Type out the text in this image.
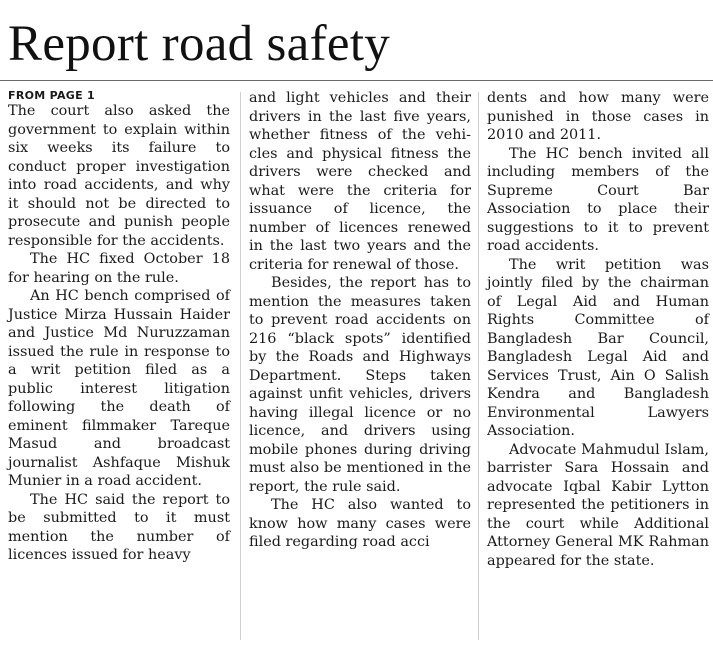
Report road safety
FROM PAGE 1

The court also asked the government to explain within six weeks its failure to conduct proper investigation into road accidents, and why it should not be directed to prosecute and punish people responsible for the accidents.

The HC fixed October 18 for hearing on the rule.

An HC bench comprised of Justice Mirza Hussain Haider and Justice Md Nuruzzaman issued the rule in response to a writ petition filed as a public interest litigation following the death of eminent filmmaker Tareque Masud and broadcast journalist Ashfaque Mishuk Munier in a road accident.

The HC said the report to be submitted to it must mention the number of licences issued for heavy

and light vehicles and their drivers in the last five years, whether fitness of the vehicles and physical fitness the drivers were checked and what were the criteria for issuance of licence, the number of licences renewed in the last two years and the criteria for renewal of those.

Besides, the report has to mention the measures taken to prevent road accidents on 216 “black spots” identified by the Roads and Highways Department. Steps taken against unfit vehicles, drivers having illegal licence or no licence, and drivers using mobile phones during driving must also be mentioned in the report, the rule said.

The HC also wanted to know how many cases were filed regarding road acci

dents and how many were punished in those cases in 2010 and 2011.

The HC bench invited all including members of the Supreme Court Bar Association to place their suggestions to it to prevent road accidents.

The writ petition was jointly filed by the chairman of Legal Aid and Human Rights Committee of Bangladesh Bar Council, Bangladesh Legal Aid and Services Trust, Ain O Salish Kendra and Bangladesh Environmental Lawyers Association.

Advocate Mahmudul Islam, barrister Sara Hossain and advocate Iqbal Kabir Lytton represented the petitioners in the court while Additional Attorney General MK Rahman appeared for the state.
